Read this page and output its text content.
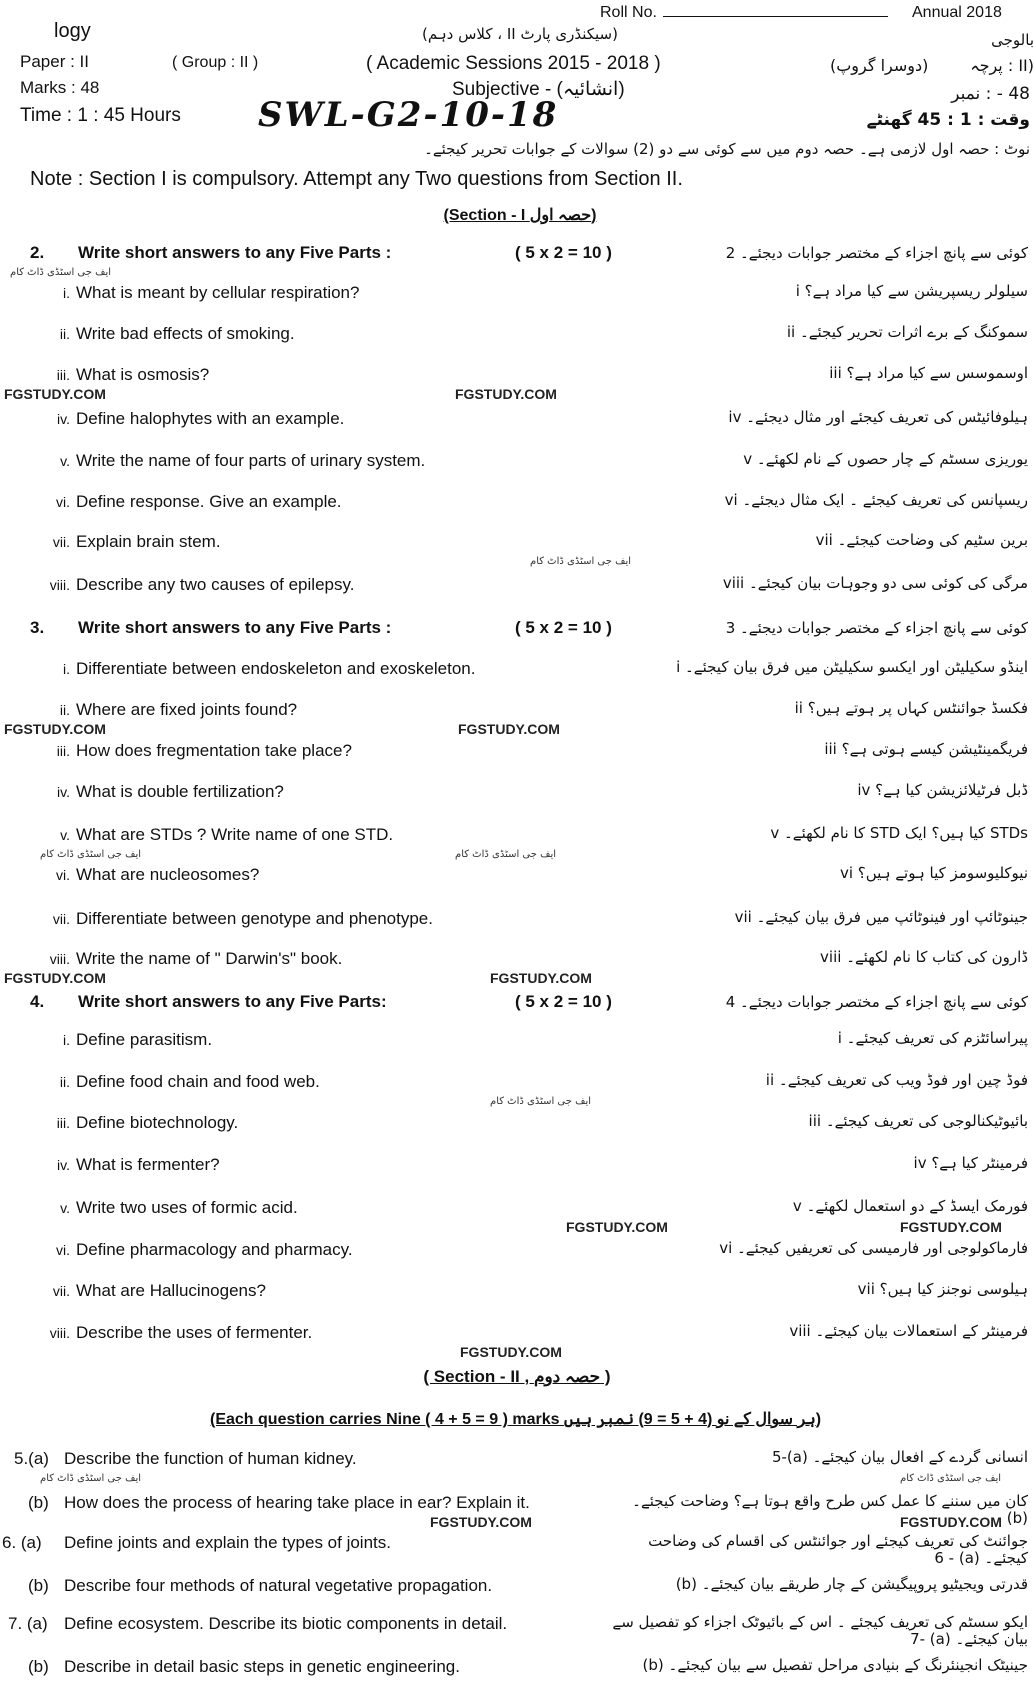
Roll No.	Annual 2018
logy	(سیکنڈری پارٹ II ، کلاس دہم)	بالوجی
Paper : II	( Group : II )	( Academic Sessions 2015 - 2018 )	(دوسرا گروپ)	(II : پرچہ
Marks : 48	Subjective - (انشائیہ)	48 - : نمبر
Time : 1 : 45 Hours SWL-G2-10-18	وقت : 1 : 45 گھنٹے
نوٹ : حصہ اول لازمی ہے۔ حصہ دوم میں سے کوئی سے دو (2) سوالات کے جوابات تحریر کیجئے۔
Note : Section I is compulsory. Attempt any Two questions from Section II.
(Section - I حصہ اول)
2. Write short answers to any Five Parts :	( 5 x 2 = 10 )	کوئی سے پانچ اجزاء کے مختصر جوابات دیجئے۔ 2
i. What is meant by cellular respiration?	سیلولر ریسپریشن سے کیا مراد ہے؟ i
ii. Write bad effects of smoking.	سموکنگ کے برے اثرات تحریر کیجئے۔ ii
iii. What is osmosis?	اوسموسس سے کیا مراد ہے؟ iii
iv. Define halophytes with an example.	ہیلوفائیٹس کی تعریف کیجئے اور مثال دیجئے۔ iv
v. Write the name of four parts of urinary system.	یوریزی سسٹم کے چار حصوں کے نام لکھئے۔ v
vi. Define response. Give an example.	ریسپانس کی تعریف کیجئے ۔ ایک مثال دیجئے۔ vi
vii. Explain brain stem.	برین سٹیم کی وضاحت کیجئے۔ vii
viii. Describe any two causes of epilepsy.	مرگی کی کوئی سی دو وجوہات بیان کیجئے۔ viii
3. Write short answers to any Five Parts :	( 5 x 2 = 10 )	کوئی سے پانچ اجزاء کے مختصر جوابات دیجئے۔ 3
i. Differentiate between endoskeleton and exoskeleton.	اینڈو سکیلیٹن اور ایکسو سکیلیٹن میں فرق بیان کیجئے۔ i
ii. Where are fixed joints found?	فکسڈ جوائنٹس کہاں پر ہوتے ہیں؟ ii
iii. How does fregmentation take place?	فریگمینٹیشن کیسے ہوتی ہے؟ iii
iv. What is double fertilization?	ڈبل فرٹیلائزیشن کیا ہے؟ iv
v. What are STDs ? Write name of one STD.	STDs کیا ہیں؟ ایک STD کا نام لکھئے۔ v
vi. What are nucleosomes?	نیوکلیوسومز کیا ہوتے ہیں؟ vi
vii. Differentiate between genotype and phenotype.	جینوٹائپ اور فینوٹائپ میں فرق بیان کیجئے۔ vii
viii. Write the name of " Darwin's" book.	ڈارون کی کتاب کا نام لکھئے۔ viii
4. Write short answers to any Five Parts:	( 5 x 2 = 10 )	کوئی سے پانچ اجزاء کے مختصر جوابات دیجئے۔ 4
i. Define parasitism.	پیراسائٹزم کی تعریف کیجئے۔ i
ii. Define food chain and food web.	فوڈ چین اور فوڈ ویب کی تعریف کیجئے۔ ii
iii. Define biotechnology.	بائیوٹیکنالوجی کی تعریف کیجئے۔ iii
iv. What is fermenter?	فرمینٹر کیا ہے؟ iv
v. Write two uses of formic acid.	فورمک ایسڈ کے دو استعمال لکھئے۔ v
vi. Define pharmacology and pharmacy.	فارماکولوجی اور فارمیسی کی تعریفیں کیجئے۔ vi
vii. What are Hallucinogens?	ہیلوسی نوجنز کیا ہیں؟ vii
viii. Describe the uses of fermenter.	فرمینٹر کے استعمالات بیان کیجئے۔ viii
5.(a) Describe the function of human kidney.	انسانی گردے کے افعال بیان کیجئے۔ (a)-5
(b) How does the process of hearing take place in ear? Explain it.	کان میں سننے کا عمل کس طرح واقع ہوتا ہے؟ وضاحت کیجئے۔ (b)
6. (a) Define joints and explain the types of joints.	جوائنٹ کی تعریف کیجئے اور جوائنٹس کی اقسام کی وضاحت کیجئے۔ (a) - 6
(b) Describe four methods of natural vegetative propagation.	قدرتی ویجیٹیو پروپیگیشن کے چار طریقے بیان کیجئے۔ (b)
7. (a) Define ecosystem. Describe its biotic components in detail.	ایکو سسٹم کی تعریف کیجئے ۔ اس کے بائیوٹک اجزاء کو تفصیل سے بیان کیجئے۔ (a) -7
(b) Describe in detail basic steps in genetic engineering.	جینیٹک انجینئرنگ کے بنیادی مراحل تفصیل سے بیان کیجئے۔ (b)
FGSTUDY.COM	FGSTUDY.COM
FGSTUDY.COM	FGSTUDY.COM
FGSTUDY.COM	FGSTUDY.COM
FGSTUDY.COM	FGSTUDY.COM
FGSTUDY.COM
FGSTUDY.COM	FGSTUDY.COM
ایف جی اسٹڈی ڈاٹ کام
ایف جی اسٹڈی ڈاٹ کام
ایف جی اسٹڈی ڈاٹ کام	ایف جی اسٹڈی ڈاٹ کام
ایف جی اسٹڈی ڈاٹ کام
ایف جی اسٹڈی ڈاٹ کام	ایف جی اسٹڈی ڈاٹ کام
( Section - II , حصہ دوم )
(Each question carries Nine ( 4 + 5 = 9 ) marks ہر سوال کے نو (4 + 5 = 9) نمبر ہیں)
